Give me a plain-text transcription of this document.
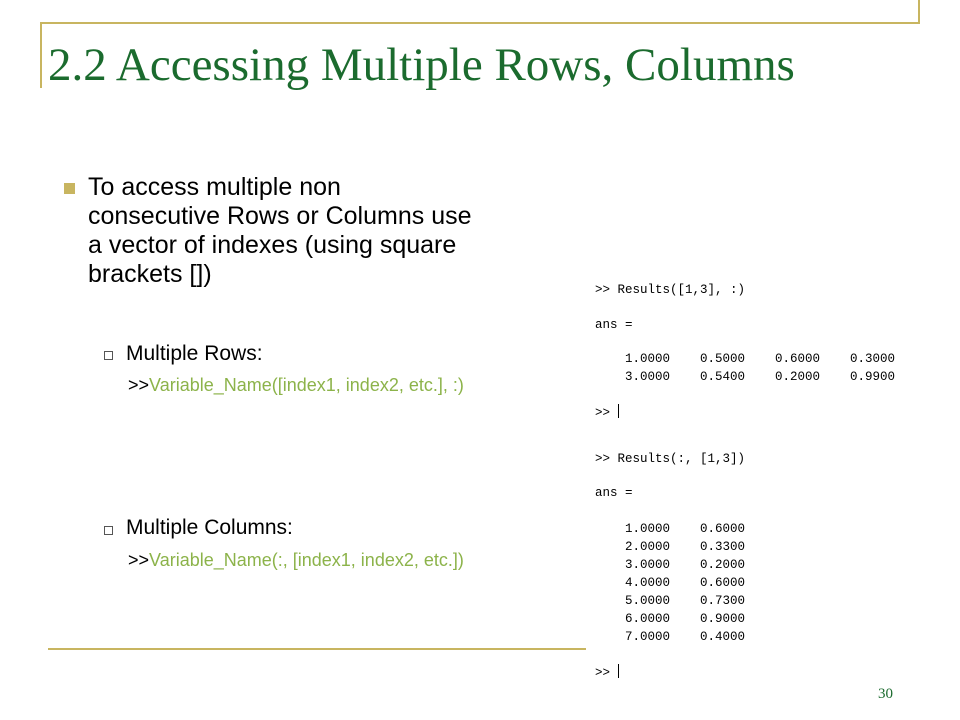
2.2 Accessing Multiple Rows, Columns
To access multiple non
consecutive Rows or Columns use
a vector of indexes (using square
brackets [])
Multiple Rows:
>>Variable_Name([index1, index2, etc.], :)
Multiple Columns:
>>Variable_Name(:, [index1, index2, etc.])
>> Results([1,3], :)
ans =
1.0000    0.5000    0.6000    0.3000
3.0000    0.5400    0.2000    0.9900
>>
>> Results(:, [1,3])
ans =
1.0000    0.6000
2.0000    0.3300
3.0000    0.2000
4.0000    0.6000
5.0000    0.7300
6.0000    0.9000
7.0000    0.4000
>>
30
